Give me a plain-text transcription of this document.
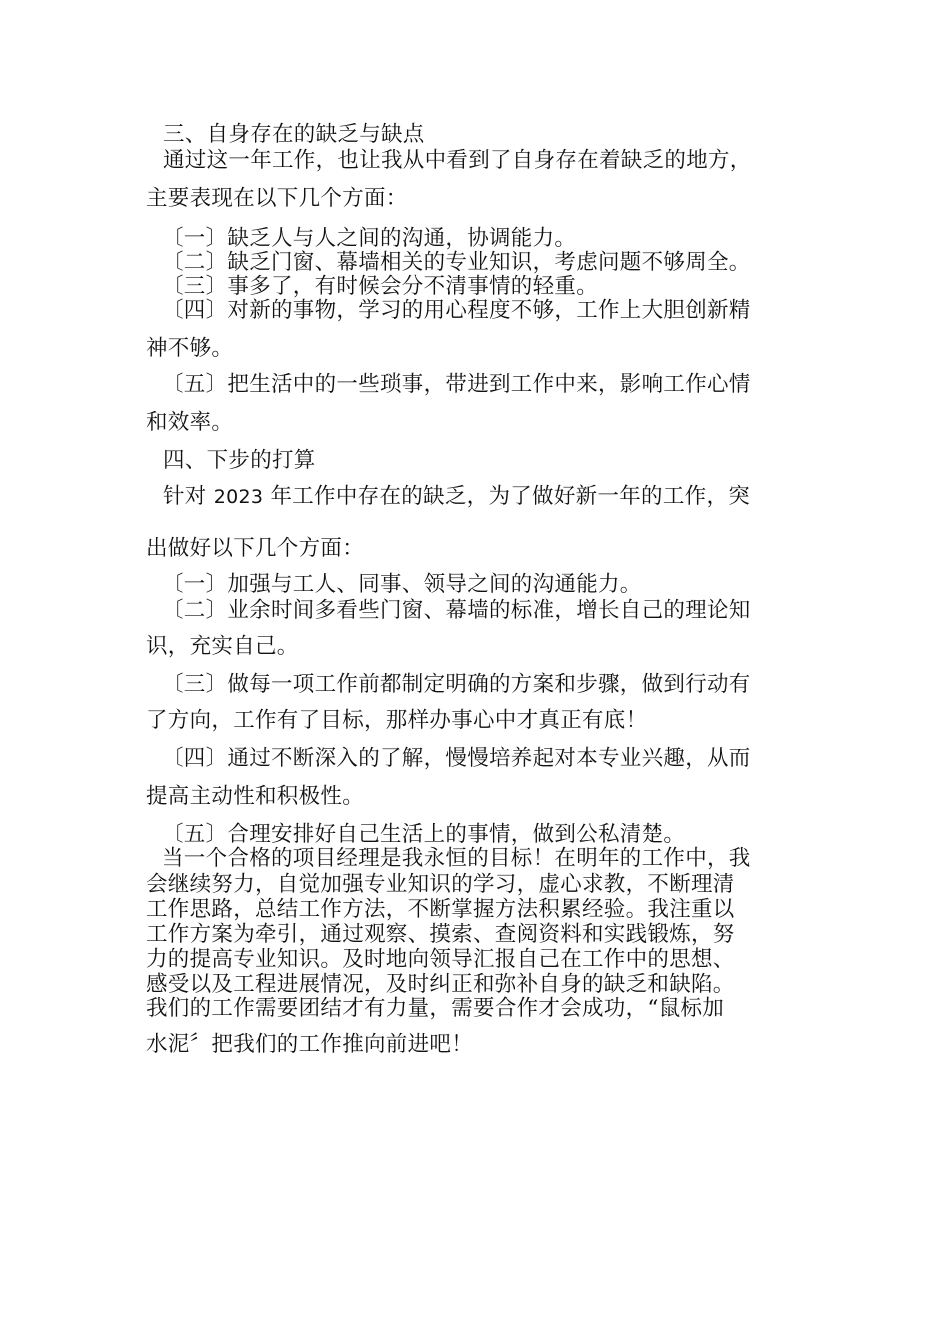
三、自身存在的缺乏与缺点
通过这一年工作，也让我从中看到了自身存在着缺乏的地方，
主要表现在以下几个方面：
〔一〕缺乏人与人之间的沟通，协调能力。
〔二〕缺乏门窗、幕墙相关的专业知识，考虑问题不够周全。
〔三〕事多了，有时候会分不清事情的轻重。
〔四〕对新的事物，学习的用心程度不够，工作上大胆创新精
神不够。
〔五〕把生活中的一些琐事，带进到工作中来，影响工作心情
和效率。
四、下步的打算
针对 2023 年工作中存在的缺乏，为了做好新一年的工作，突
出做好以下几个方面：
〔一〕加强与工人、同事、领导之间的沟通能力。
〔二〕业余时间多看些门窗、幕墙的标准，增长自己的理论知
识，充实自己。
〔三〕做每一项工作前都制定明确的方案和步骤，做到行动有
了方向，工作有了目标，那样办事心中才真正有底！
〔四〕通过不断深入的了解，慢慢培养起对本专业兴趣，从而
提高主动性和积极性。
〔五〕合理安排好自己生活上的事情，做到公私清楚。
当一个合格的项目经理是我永恒的目标！在明年的工作中，我
会继续努力，自觉加强专业知识的学习，虚心求教，不断理清
工作思路，总结工作方法，不断掌握方法积累经验。我注重以
工作方案为牵引，通过观察、摸索、查阅资料和实践锻炼，努
力的提高专业知识。及时地向领导汇报自己在工作中的思想、
感受以及工程进展情况，及时纠正和弥补自身的缺乏和缺陷。
我们的工作需要团结才有力量，需要合作才会成功，“鼠标加
水泥〞把我们的工作推向前进吧！
